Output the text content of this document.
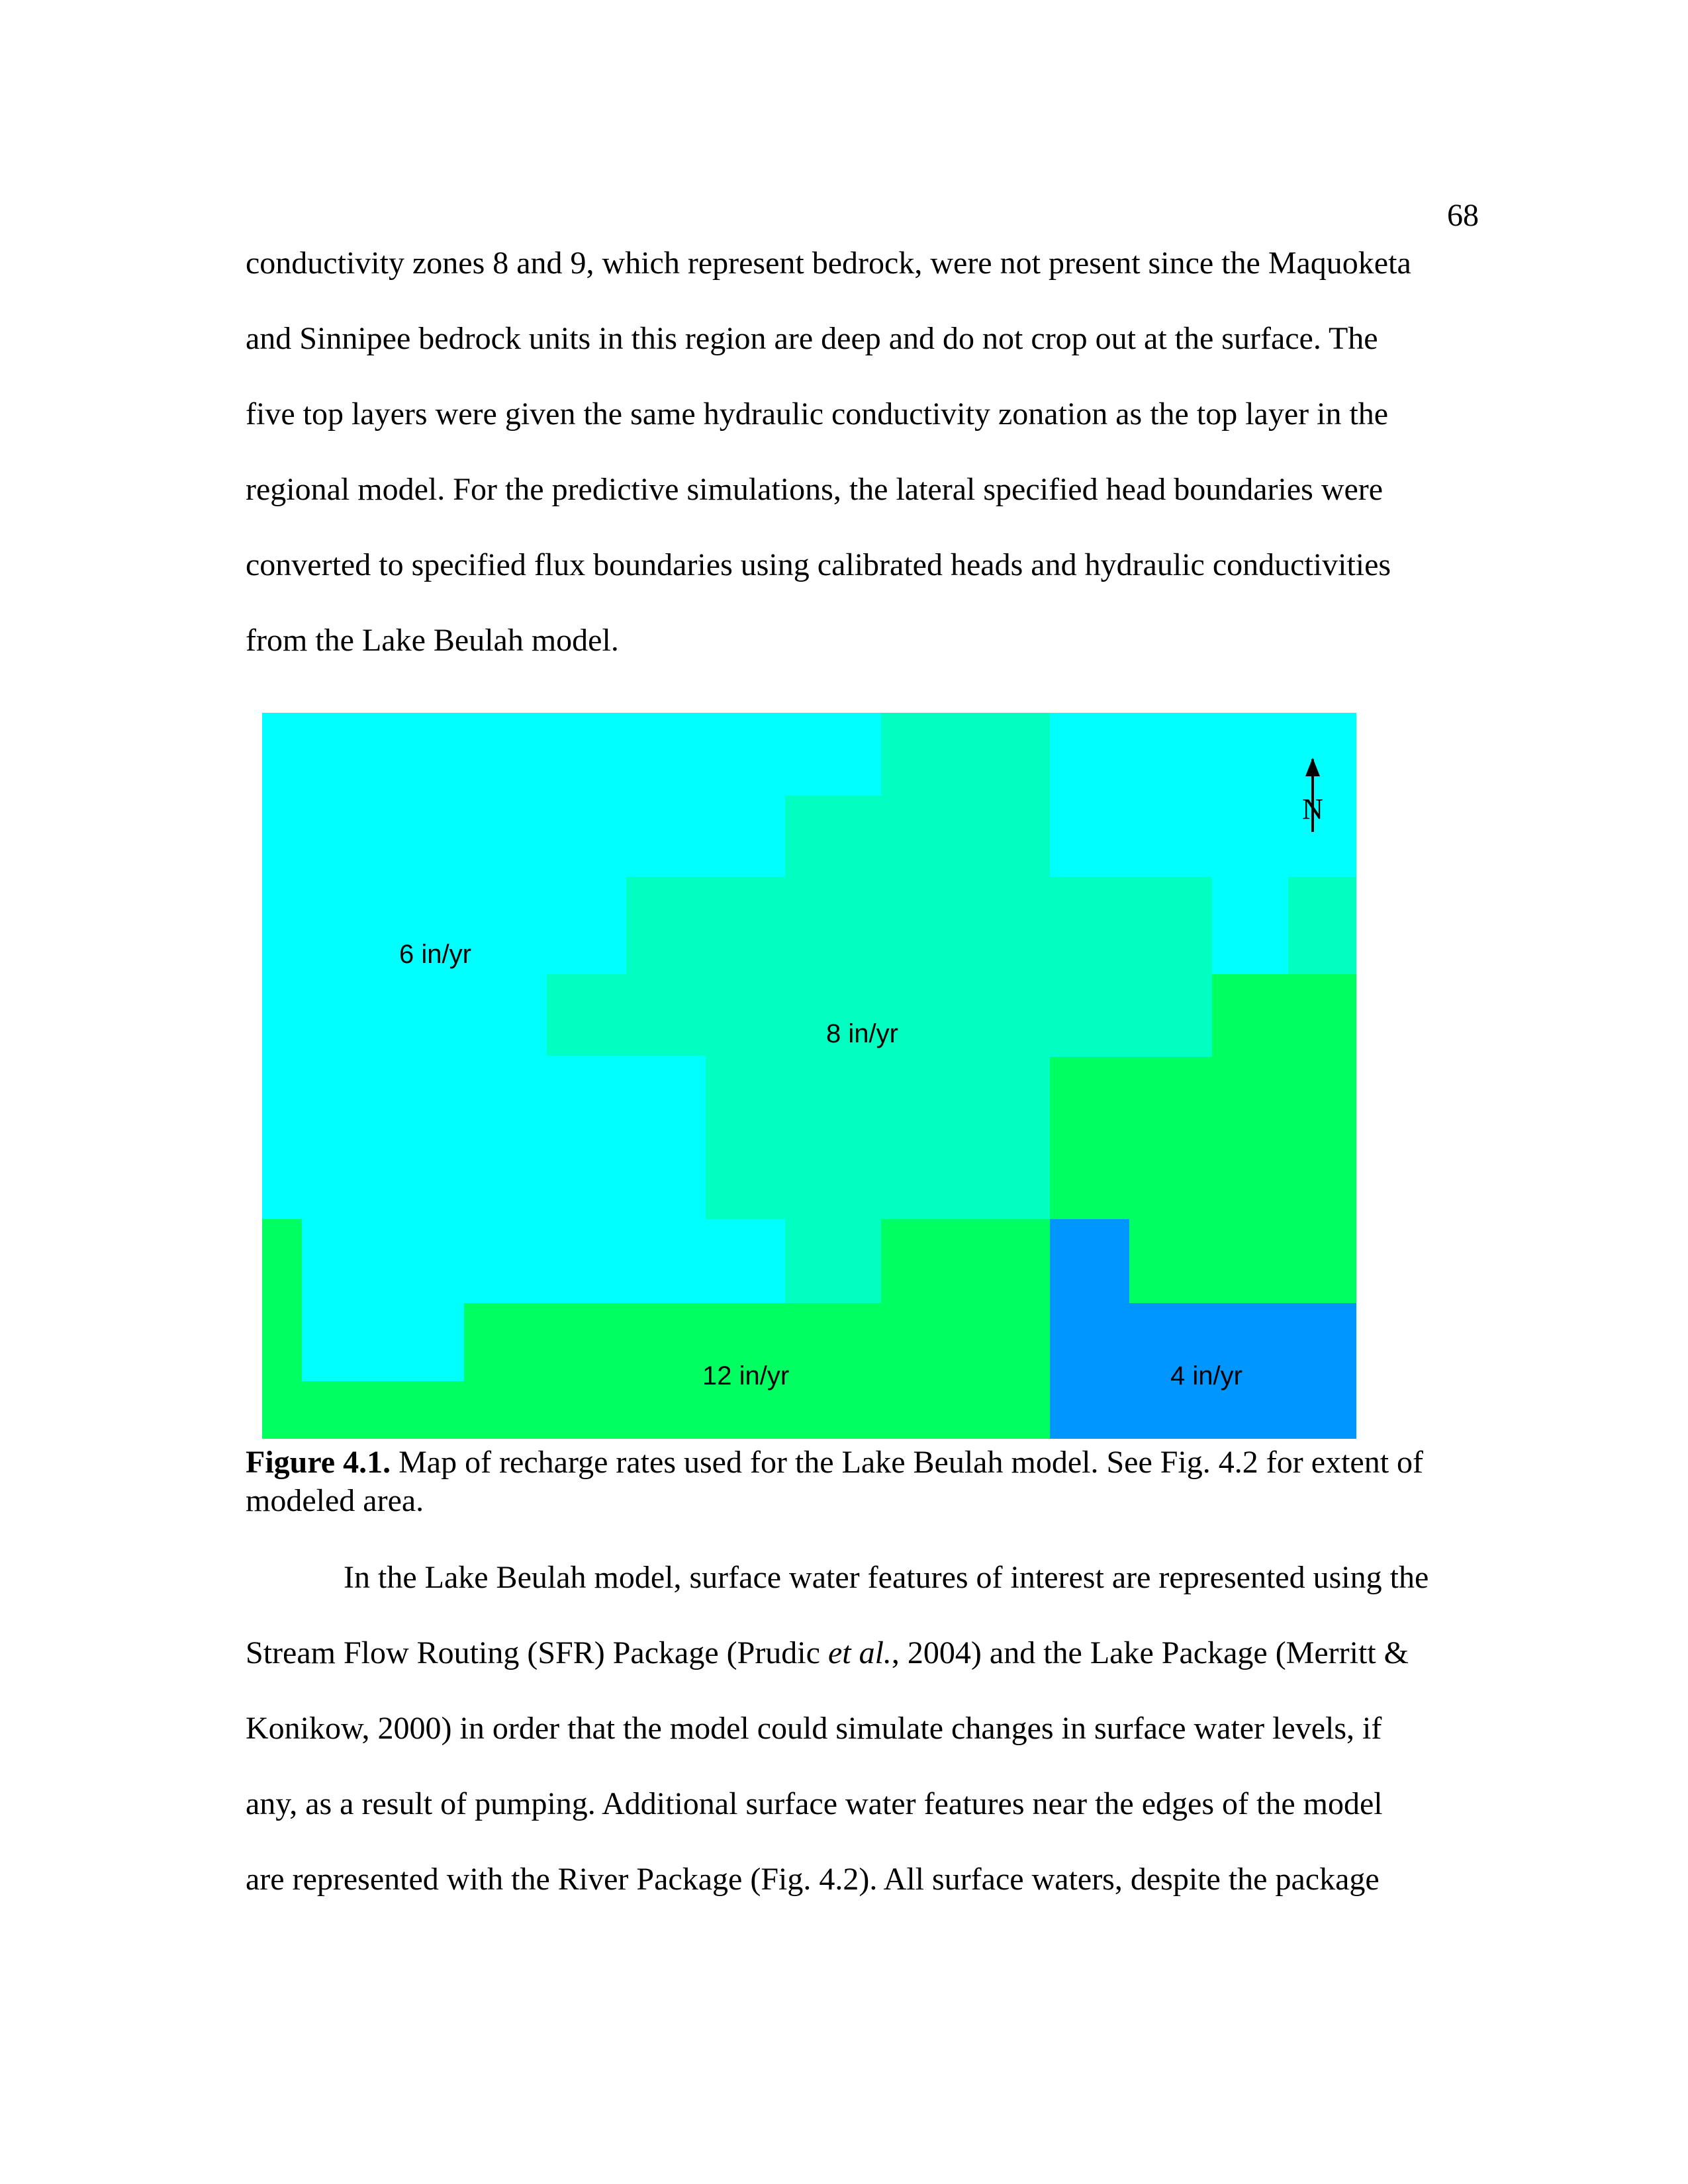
68
conductivity zones 8 and 9, which represent bedrock, were not present since the Maquoketa
and Sinnipee bedrock units in this region are deep and do not crop out at the surface. The
five top layers were given the same hydraulic conductivity zonation as the top layer in the
regional model. For the predictive simulations, the lateral specified head boundaries were
converted to specified flux boundaries using calibrated heads and hydraulic conductivities
from the Lake Beulah model.
N
6 in/yr
8 in/yr
12 in/yr	4 in/yr
Figure 4.1. Map of recharge rates used for the Lake Beulah model. See Fig. 4.2 for extent of modeled area.
In the Lake Beulah model, surface water features of interest are represented using the
Stream Flow Routing (SFR) Package (Prudic et al., 2004) and the Lake Package (Merritt &
Konikow, 2000) in order that the model could simulate changes in surface water levels, if
any, as a result of pumping. Additional surface water features near the edges of the model
are represented with the River Package (Fig. 4.2). All surface waters, despite the package
